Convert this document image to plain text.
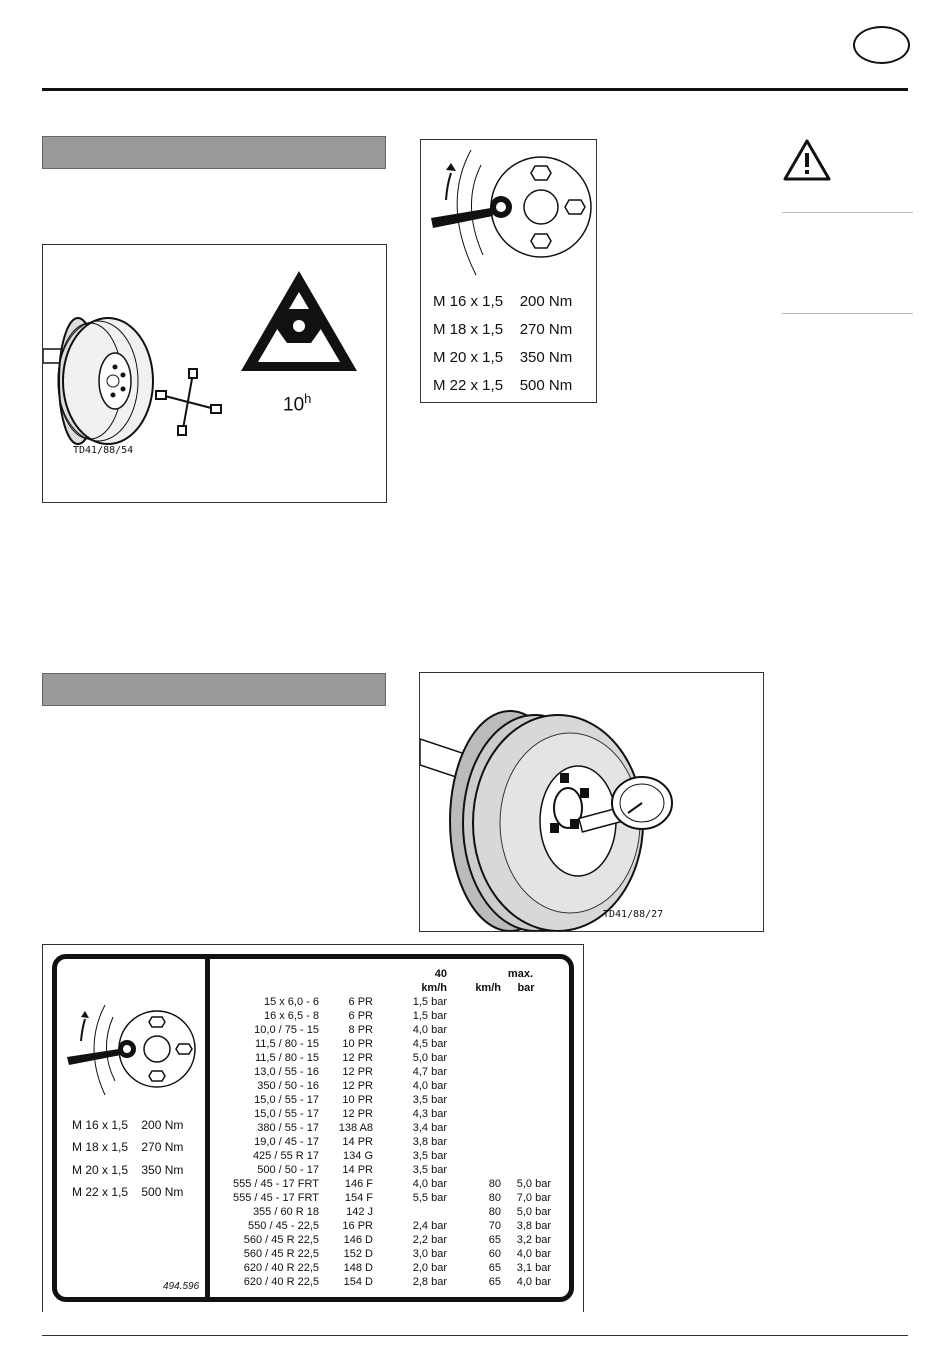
10$^h$
TD41/88/54
M 16 x 1,5 200 Nm
M 18 x 1,5 270 Nm
M 20 x 1,5 350 Nm
M 22 x 1,5 500 Nm
TD41/88/27
M 16 x 1,5 200 Nm
M 18 x 1,5 270 Nm
M 20 x 1,5 350 Nm
M 22 x 1,5 500 Nm
494.596
		40	max.	
		km/h	km/h	bar
15 x 6,0 - 6	6 PR	1,5 bar		
16 x 6,5 - 8	6 PR	1,5 bar		
10,0 / 75 - 15	8 PR	4,0 bar		
11,5 / 80 - 15	10 PR	4,5 bar		
11,5 / 80 - 15	12 PR	5,0 bar		
13,0 / 55 - 16	12 PR	4,7 bar		
350 / 50 - 16	12 PR	4,0 bar		
15,0 / 55 - 17	10 PR	3,5 bar		
15,0 / 55 - 17	12 PR	4,3 bar		
380 / 55 - 17	138 A8	3,4 bar		
19,0 / 45 - 17	14 PR	3,8 bar		
425 / 55 R 17	134 G	3,5 bar		
500 / 50 - 17	14 PR	3,5 bar		
555 / 45 - 17 FRT	146 F	4,0 bar	80	5,0 bar
555 / 45 - 17 FRT	154 F	5,5 bar	80	7,0 bar
355 / 60 R 18	142 J		80	5,0 bar
550 / 45 - 22,5	16 PR	2,4 bar	70	3,8 bar
560 / 45 R 22,5	146 D	2,2 bar	65	3,2 bar
560 / 45 R 22,5	152 D	3,0 bar	60	4,0 bar
620 / 40 R 22,5	148 D	2,0 bar	65	3,1 bar
620 / 40 R 22,5	154 D	2,8 bar	65	4,0 bar
